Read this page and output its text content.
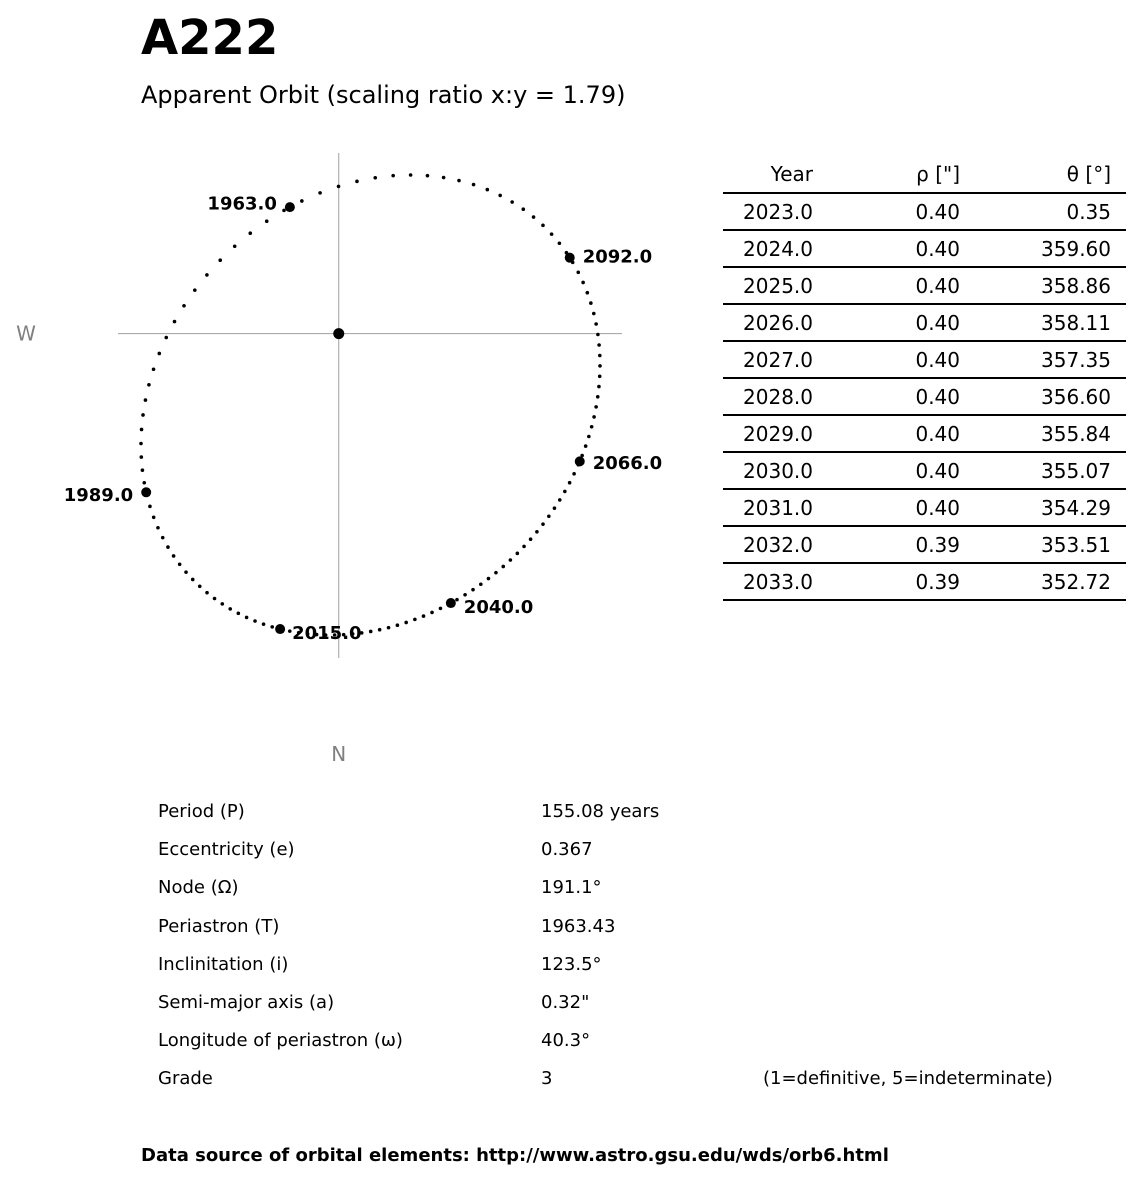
A222
Apparent Orbit (scaling ratio x:y = 1.79)
1963.0
1989.0
2015.0
2040.0
2066.0
2092.0
W
N
Year	ρ ["]	θ [°]	
2023.0	0.40	0.35	
2024.0	0.40	359.60	
2025.0	0.40	358.86	
2026.0	0.40	358.11	
2027.0	0.40	357.35	
2028.0	0.40	356.60	
2029.0	0.40	355.84	
2030.0	0.40	355.07	
2031.0	0.40	354.29	
2032.0	0.39	353.51	
2033.0	0.39	352.72	
Period (P)	155.08 years
Eccentricity (e)	0.367
Node (Ω)	191.1°
Periastron (T)	1963.43
Inclinitation (i)	123.5°
Semi-major axis (a)	0.32"
Longitude of periastron (ω)	40.3°
Grade	3	(1=definitive, 5=indeterminate)
Data source of orbital elements: http://www.astro.gsu.edu/wds/orb6.html
